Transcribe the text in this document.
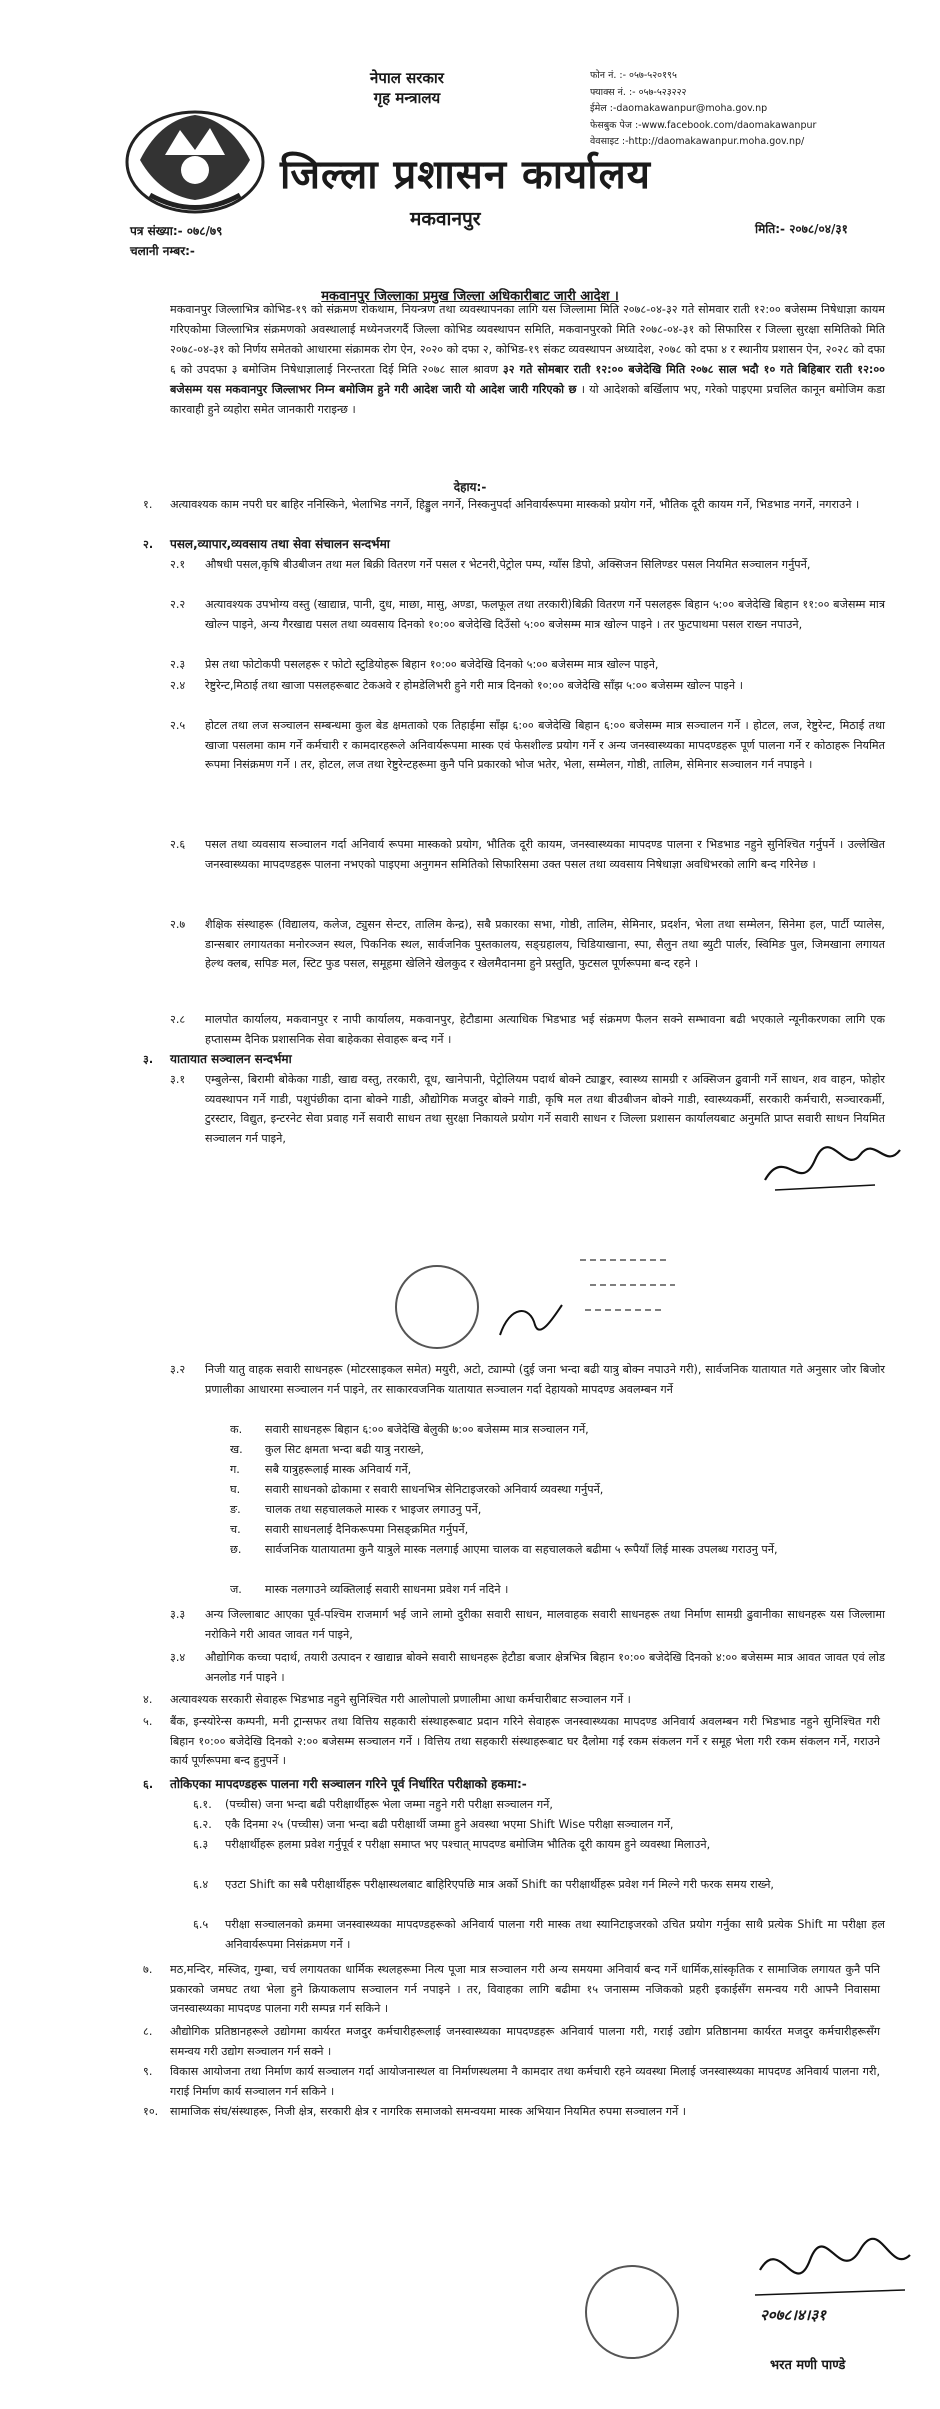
नेपाल सरकार
गृह मन्त्रालय
फोन नं. :- ०५७-५२०१९५
फ्याक्स नं. :- ०५७-५२३२२२
ईमेल :-daomakawanpur@moha.gov.np
फेसबुक पेज :-www.facebook.com/daomakawanpur
वेवसाइट :-http://daomakawanpur.moha.gov.np/
जिल्ला प्रशासन कार्यालय
मकवानपुर
पत्र संख्या:- ०७८/७९
चलानी नम्बर:-
मिति:- २०७८/०४/३१
मकवानपुर जिल्लाका प्रमुख जिल्ला अधिकारीबाट जारी आदेश ।
मकवानपुर जिल्लाभित्र कोभिड-१९ को संक्रमण रोकथाम, नियन्त्रण तथा व्यवस्थापनका लागि यस जिल्लामा मिति २०७८-०४-३२ गते सोमवार राती १२:०० बजेसम्म निषेधाज्ञा कायम गरिएकोमा जिल्लाभित्र संक्रमणको अवस्थालाई मध्येनजरगर्दै जिल्ला कोभिड व्यवस्थापन समिति, मकवानपुरको मिति २०७८-०४-३१ को सिफारिस र जिल्ला सुरक्षा समितिको मिति २०७८-०४-३१ को निर्णय समेतको आधारमा संक्रामक रोग ऐन, २०२० को दफा २, कोभिड-१९ संकट व्यवस्थापन अध्यादेश, २०७८ को दफा ४ र स्थानीय प्रशासन ऐन, २०२८ को दफा ६ को उपदफा ३ बमोजिम निषेधाज्ञालाई निरन्तरता दिई मिति २०७८ साल श्रावण ३२ गते सोमबार राती १२:०० बजेदेखि मिति २०७८ साल भदौ १० गते बिहिबार राती १२:०० बजेसम्म यस मकवानपुर जिल्लाभर निम्न बमोजिम हुने गरी आदेश जारी यो आदेश जारी गरिएको छ । यो आदेशको बर्खिलाप भए, गरेको पाइएमा प्रचलित कानून बमोजिम कडा कारवाही हुने व्यहोरा समेत जानकारी गराइन्छ ।
देहाय:-
१. अत्यावश्यक काम नपरी घर बाहिर ननिस्किने, भेलाभिड नगर्ने, हिड्डुल नगर्ने, निस्कनुपर्दा अनिवार्यरूपमा मास्कको प्रयोग गर्ने, भौतिक दूरी कायम गर्ने, भिडभाड नगर्ने, नगराउने ।
२. पसल,व्यापार,व्यवसाय तथा सेवा संचालन सन्दर्भमा
२.१ औषधी पसल,कृषि बीउबीजन तथा मल बिक्री वितरण गर्ने पसल र भेटनरी,पेट्रोल पम्प, ग्याँस डिपो, अक्सिजन सिलिण्डर पसल नियमित सञ्चालन गर्नुपर्ने,
२.२ अत्यावश्यक उपभोग्य वस्तु (खाद्यान्न, पानी, दुध, माछा, मासु, अण्डा, फलफूल तथा तरकारी)बिक्री वितरण गर्ने पसलहरू बिहान ५:०० बजेदेखि बिहान ११:०० बजेसम्म मात्र खोल्न पाइने, अन्य गैरखाद्य पसल तथा व्यवसाय दिनको १०:०० बजेदेखि दिउँसो ५:०० बजेसम्म मात्र खोल्न पाइने । तर फुटपाथमा पसल राख्न नपाउने,
२.३ प्रेस तथा फोटोकपी पसलहरू र फोटो स्टुडियोहरू बिहान १०:०० बजेदेखि दिनको ५:०० बजेसम्म मात्र खोल्न पाइने,
२.४ रेष्टुरेन्ट,मिठाई तथा खाजा पसलहरूबाट टेकअवे र होमडेलिभरी हुने गरी मात्र दिनको १०:०० बजेदेखि साँझ ५:०० बजेसम्म खोल्न पाइने ।
२.५ होटल तथा लज सञ्चालन सम्बन्धमा कुल बेड क्षमताको एक तिहाईमा साँझ ६:०० बजेदेखि बिहान ६:०० बजेसम्म मात्र सञ्चालन गर्ने । होटल, लज, रेष्टुरेन्ट, मिठाई तथा खाजा पसलमा काम गर्ने कर्मचारी र कामदारहरूले अनिवार्यरूपमा मास्क एवं फेसशील्ड प्रयोग गर्ने र अन्य जनस्वास्थ्यका मापदण्डहरू पूर्ण पालना गर्ने र कोठाहरू नियमित रूपमा निसंक्रमण गर्ने । तर, होटल, लज तथा रेष्टुरेन्टहरूमा कुनै पनि प्रकारको भोज भतेर, भेला, सम्मेलन, गोष्ठी, तालिम, सेमिनार सञ्चालन गर्न नपाइने ।
२.६ पसल तथा व्यवसाय सञ्चालन गर्दा अनिवार्य रूपमा मास्कको प्रयोग, भौतिक दूरी कायम, जनस्वास्थ्यका मापदण्ड पालना र भिडभाड नहुने सुनिश्चित गर्नुपर्ने । उल्लेखित जनस्वास्थ्यका मापदण्डहरू पालना नभएको पाइएमा अनुगमन समितिको सिफारिसमा उक्त पसल तथा व्यवसाय निषेधाज्ञा अवधिभरको लागि बन्द गरिनेछ ।
२.७ शैक्षिक संस्थाहरू (विद्यालय, कलेज, ट्युसन सेन्टर, तालिम केन्द्र), सबै प्रकारका सभा, गोष्ठी, तालिम, सेमिनार, प्रदर्शन, भेला तथा सम्मेलन, सिनेमा हल, पार्टी प्यालेस, डान्सबार लगायतका मनोरञ्जन स्थल, पिकनिक स्थल, सार्वजनिक पुस्तकालय, सङ्ग्रहालय, चिडियाखाना, स्पा, सैलुन तथा ब्युटी पार्लर, स्विमिङ पुल, जिमखाना लगायत हेल्थ क्लब, सपिङ मल, स्टिट फुड पसल, समूहमा खेलिने खेलकुद र खेलमैदानमा हुने प्रस्तुति, फुटसल पूर्णरूपमा बन्द रहने ।
२.८ मालपोत कार्यालय, मकवानपुर र नापी कार्यालय, मकवानपुर, हेटौडामा अत्याधिक भिडभाड भई संक्रमण फैलन सक्ने सम्भावना बढी भएकाले न्यूनीकरणका लागि एक हप्तासम्म दैनिक प्रशासनिक सेवा बाहेकका सेवाहरू बन्द गर्ने ।
३. यातायात सञ्चालन सन्दर्भमा
३.१ एम्बुलेन्स, बिरामी बोकेका गाडी, खाद्य वस्तु, तरकारी, दूध, खानेपानी, पेट्रोलियम पदार्थ बोक्ने ट्याङ्कर, स्वास्थ्य सामग्री र अक्सिजन ढुवानी गर्ने साधन, शव वाहन, फोहोर व्यवस्थापन गर्ने गाडी, पशुपंछीका दाना बोक्ने गाडी, औद्योगिक मजदुर बोक्ने गाडी, कृषि मल तथा बीउबीजन बोक्ने गाडी, स्वास्थ्यकर्मी, सरकारी कर्मचारी, सञ्चारकर्मी, टुरस्टार, विद्युत, इन्टरनेट सेवा प्रवाह गर्ने सवारी साधन तथा सुरक्षा निकायले प्रयोग गर्ने सवारी साधन र जिल्ला प्रशासन कार्यालयबाट अनुमति प्राप्त सवारी साधन नियमित सञ्चालन गर्न पाइने,
३.२ निजी यातु वाहक सवारी साधनहरू (मोटरसाइकल समेत) मयुरी, अटो, ट्याम्पो (दुई जना भन्दा बढी यात्रु बोक्न नपाउने गरी), सार्वजनिक यातायात गते अनुसार जोर बिजोर प्रणालीका आधारमा सञ्चालन गर्न पाइने, तर साकारवजनिक यातायात सञ्चालन गर्दा देहायको मापदण्ड अवलम्बन गर्ने
क. सवारी साधनहरू बिहान ६:०० बजेदेखि बेलुकी ७:०० बजेसम्म मात्र सञ्चालन गर्ने,
ख. कुल सिट क्षमता भन्दा बढी यात्रु नराख्ने,
ग. सबै यात्रुहरूलाई मास्क अनिवार्य गर्ने,
घ. सवारी साधनको ढोकामा र सवारी साधनभित्र सेनिटाइजरको अनिवार्य व्यवस्था गर्नुपर्ने,
ङ. चालक तथा सहचालकले मास्क र भाइजर लगाउनु पर्ने,
च. सवारी साधनलाई दैनिकरूपमा निसङ्क्रमित गर्नुपर्ने,
छ. सार्वजनिक यातायातमा कुनै यात्रुले मास्क नलगाई आएमा चालक वा सहचालकले बढीमा ५ रूपैयाँ लिई मास्क उपलब्ध गराउनु पर्ने,
ज. मास्क नलगाउने व्यक्तिलाई सवारी साधनमा प्रवेश गर्न नदिने ।
३.३ अन्य जिल्लाबाट आएका पूर्व-पश्चिम राजमार्ग भई जाने लामो दुरीका सवारी साधन, मालवाहक सवारी साधनहरू तथा निर्माण सामग्री ढुवानीका साधनहरू यस जिल्लामा नरोकिने गरी आवत जावत गर्न पाइने,
३.४ औद्योगिक कच्चा पदार्थ, तयारी उत्पादन र खाद्यान्न बोक्ने सवारी साधनहरू हेटौडा बजार क्षेत्रभित्र बिहान १०:०० बजेदेखि दिनको ४:०० बजेसम्म मात्र आवत जावत एवं लोड अनलोड गर्न पाइने ।
४. अत्यावश्यक सरकारी सेवाहरू भिडभाड नहुने सुनिश्चित गरी आलोपालो प्रणालीमा आधा कर्मचारीबाट सञ्चालन गर्ने ।
५. बैंक, इन्स्योरेन्स कम्पनी, मनी ट्रान्सफर तथा वित्तिय सहकारी संस्थाहरूबाट प्रदान गरिने सेवाहरू जनस्वास्थ्यका मापदण्ड अनिवार्य अवलम्बन गरी भिडभाड नहुने सुनिश्चित गरी बिहान १०:०० बजेदेखि दिनको २:०० बजेसम्म सञ्चालन गर्ने । वित्तिय तथा सहकारी संस्थाहरूबाट घर दैलोमा गई रकम संकलन गर्ने र समूह भेला गरी रकम संकलन गर्ने, गराउने कार्य पूर्णरूपमा बन्द हुनुपर्ने ।
६. तोकिएका मापदण्डहरू पालना गरी सञ्चालन गरिने पूर्व निर्धारित परीक्षाको हकमा:-
६.१. (पच्चीस) जना भन्दा बढी परीक्षार्थीहरू भेला जम्मा नहुने गरी परीक्षा सञ्चालन गर्ने,
६.२. एकै दिनमा २५ (पच्चीस) जना भन्दा बढी परीक्षार्थी जम्मा हुने अवस्था भएमा Shift Wise परीक्षा सञ्चालन गर्ने,
६.३ परीक्षार्थीहरू हलमा प्रवेश गर्नुपूर्व र परीक्षा समाप्त भए पश्चात् मापदण्ड बमोजिम भौतिक दूरी कायम हुने व्यवस्था मिलाउने,
६.४ एउटा Shift का सबै परीक्षार्थीहरू परीक्षास्थलबाट बाहिरिएपछि मात्र अर्को Shift का परीक्षार्थीहरू प्रवेश गर्न मिल्ने गरी फरक समय राख्ने,
६.५ परीक्षा सञ्चालनको क्रममा जनस्वास्थ्यका मापदण्डहरूको अनिवार्य पालना गरी मास्क तथा स्यानिटाइजरको उचित प्रयोग गर्नुका साथै प्रत्येक Shift मा परीक्षा हल अनिवार्यरूपमा निसंक्रमण गर्ने ।
७. मठ,मन्दिर, मस्जिद, गुम्बा, चर्च लगायतका धार्मिक स्थलहरूमा नित्य पूजा मात्र सञ्चालन गरी अन्य समयमा अनिवार्य बन्द गर्ने धार्मिक,सांस्कृतिक र सामाजिक लगायत कुनै पनि प्रकारको जमघट तथा भेला हुने क्रियाकलाप सञ्चालन गर्न नपाइने । तर, विवाहका लागि बढीमा १५ जनासम्म नजिकको प्रहरी इकाईसँग समन्वय गरी आफ्नै निवासमा जनस्वास्थ्यका मापदण्ड पालना गरी सम्पन्न गर्न सकिने ।
८. औद्योगिक प्रतिष्ठानहरूले उद्योगमा कार्यरत मजदुर कर्मचारीहरूलाई जनस्वास्थ्यका मापदण्डहरू अनिवार्य पालना गरी, गराई उद्योग प्रतिष्ठानमा कार्यरत मजदुर कर्मचारीहरूसँग समन्वय गरी उद्योग सञ्चालन गर्न सक्ने ।
९. विकास आयोजना तथा निर्माण कार्य सञ्चालन गर्दा आयोजनास्थल वा निर्माणस्थलमा नै कामदार तथा कर्मचारी रहने व्यवस्था मिलाई जनस्वास्थ्यका मापदण्ड अनिवार्य पालना गरी, गराई निर्माण कार्य सञ्चालन गर्न सकिने ।
१०. सामाजिक संघ/संस्थाहरू, निजी क्षेत्र, सरकारी क्षेत्र र नागरिक समाजको समन्वयमा मास्क अभियान नियमित रुपमा सञ्चालन गर्ने ।
२०७८।४।३१
भरत मणी पाण्डे
